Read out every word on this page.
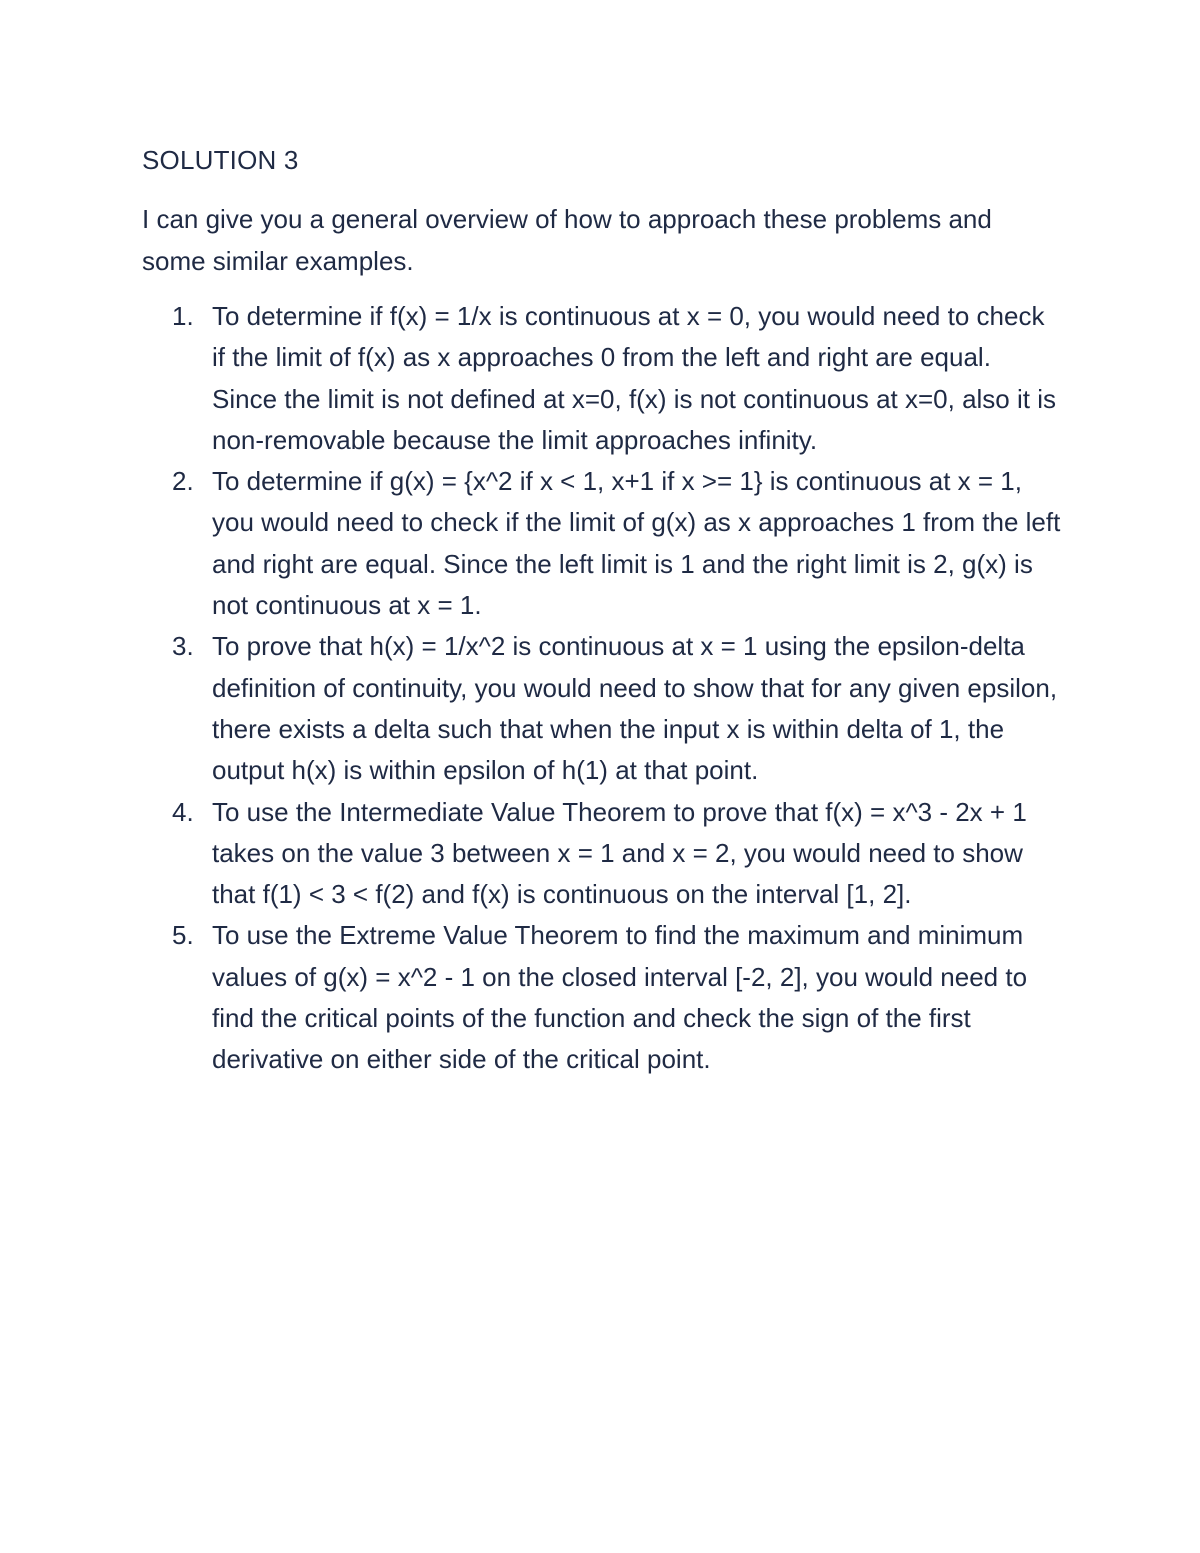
SOLUTION 3
I can give you a general overview of how to approach these problems and some similar examples.
1. To determine if f(x) = 1/x is continuous at x = 0, you would need to check if the limit of f(x) as x approaches 0 from the left and right are equal. Since the limit is not defined at x=0, f(x) is not continuous at x=0, also it is non-removable because the limit approaches infinity.
2. To determine if g(x) = {x^2 if x < 1, x+1 if x >= 1} is continuous at x = 1, you would need to check if the limit of g(x) as x approaches 1 from the left and right are equal. Since the left limit is 1 and the right limit is 2, g(x) is not continuous at x = 1.
3. To prove that h(x) = 1/x^2 is continuous at x = 1 using the epsilon-delta definition of continuity, you would need to show that for any given epsilon, there exists a delta such that when the input x is within delta of 1, the output h(x) is within epsilon of h(1) at that point.
4. To use the Intermediate Value Theorem to prove that f(x) = x^3 - 2x + 1 takes on the value 3 between x = 1 and x = 2, you would need to show that f(1) < 3 < f(2) and f(x) is continuous on the interval [1, 2].
5. To use the Extreme Value Theorem to find the maximum and minimum values of g(x) = x^2 - 1 on the closed interval [-2, 2], you would need to find the critical points of the function and check the sign of the first derivative on either side of the critical point.
